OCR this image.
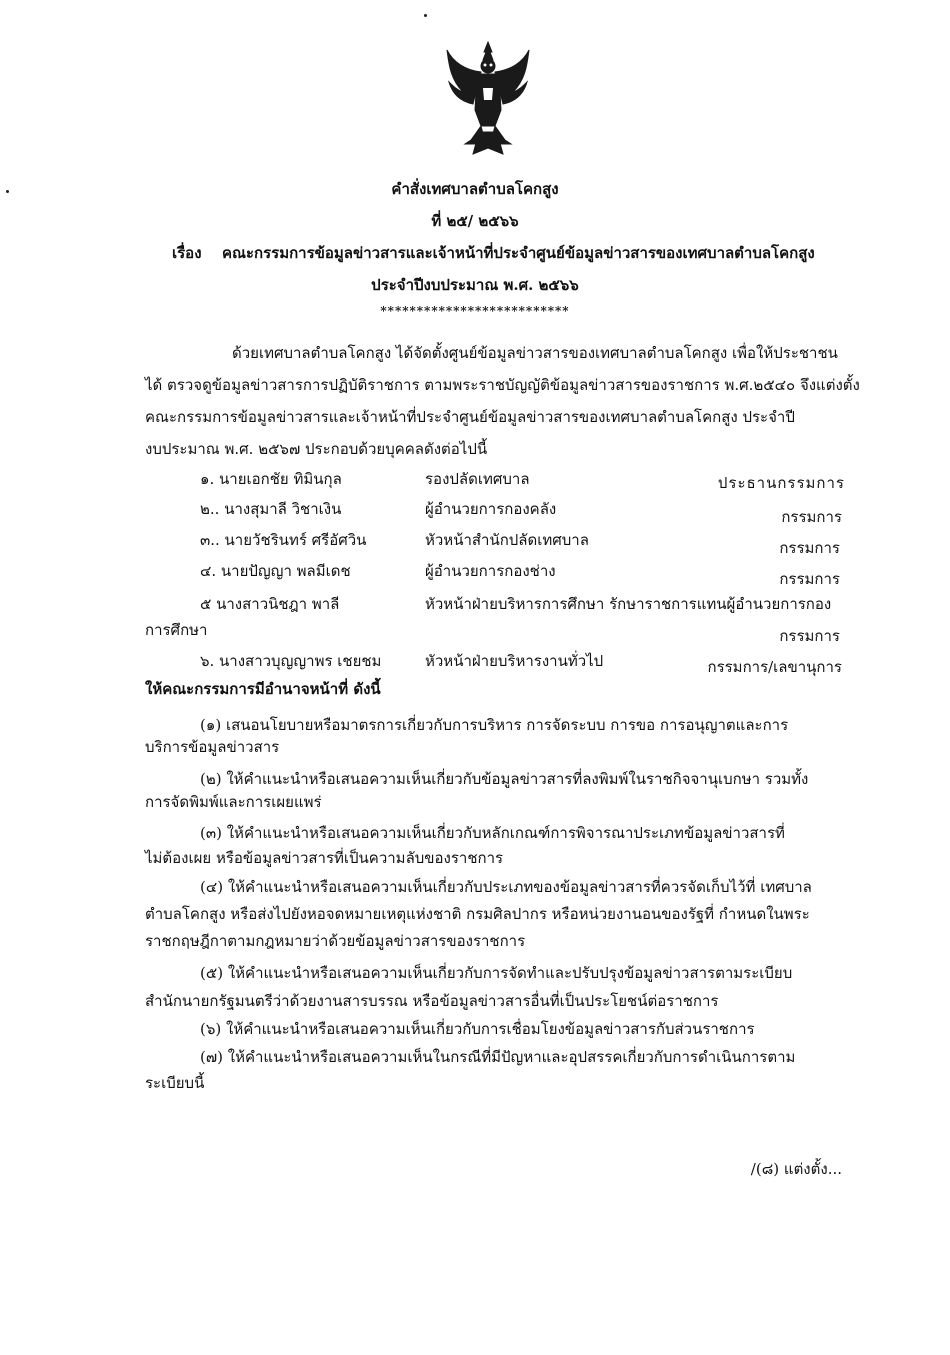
คำสั่งเทศบาลตำบลโคกสูง
ที่ ๒๕/ ๒๕๖๖
เรื่อง คณะกรรมการข้อมูลข่าวสารและเจ้าหน้าที่ประจำศูนย์ข้อมูลข่าวสารของเทศบาลตำบลโคกสูง
ประจำปีงบประมาณ พ.ศ. ๒๕๖๖
**************************
ด้วยเทศบาลตำบลโคกสูง ได้จัดตั้งศูนย์ข้อมูลข่าวสารของเทศบาลตำบลโคกสูง เพื่อให้ประชาชน
ได้ ตรวจดูข้อมูลข่าวสารการปฏิบัติราชการ ตามพระราชบัญญัติข้อมูลข่าวสารของราชการ พ.ศ.๒๕๔๐ จึงแต่งตั้ง
คณะกรรมการข้อมูลข่าวสารและเจ้าหน้าที่ประจำศูนย์ข้อมูลข่าวสารของเทศบาลตำบลโคกสูง ประจำปี
งบประมาณ พ.ศ. ๒๕๖๗ ประกอบด้วยบุคคลดังต่อไปนี้
๑. นายเอกชัย ทิมินกุล	รองปลัดเทศบาล	ประธานกรรมการ
๒.. นางสุมาลี วิชาเงิน	ผู้อำนวยการกองคลัง	กรรมการ
๓.. นายวัชรินทร์ ศรีอัศวิน	หัวหน้าสำนักปลัดเทศบาล	กรรมการ
๔. นายปัญญา พลมีเดช	ผู้อำนวยการกองช่าง	กรรมการ
๕ นางสาวนิชฎา พาลี	หัวหน้าฝ่ายบริหารการศึกษา รักษาราชการแทนผู้อำนวยการกอง
การศึกษา	กรรมการ
๖. นางสาวบุญญาพร เชยชม	หัวหน้าฝ่ายบริหารงานทั่วไป	กรรมการ/เลขานุการ
ให้คณะกรรมการมีอำนาจหน้าที่ ดังนี้
(๑) เสนอนโยบายหรือมาตรการเกี่ยวกับการบริหาร การจัดระบบ การขอ การอนุญาตและการ
บริการข้อมูลข่าวสาร
(๒) ให้คำแนะนำหรือเสนอความเห็นเกี่ยวกับข้อมูลข่าวสารที่ลงพิมพ์ในราชกิจจานุเบกษา รวมทั้ง
การจัดพิมพ์และการเผยแพร่
(๓) ให้คำแนะนำหรือเสนอความเห็นเกี่ยวกับหลักเกณฑ์การพิจารณาประเภทข้อมูลข่าวสารที่
ไม่ต้องเผย หรือข้อมูลข่าวสารที่เป็นความลับของราชการ
(๔) ให้คำแนะนำหรือเสนอความเห็นเกี่ยวกับประเภทของข้อมูลข่าวสารที่ควรจัดเก็บไว้ที่ เทศบาล
ตำบลโคกสูง หรือส่งไปยังหอจดหมายเหตุแห่งชาติ กรมศิลปากร หรือหน่วยงานอนของรัฐที่ กำหนดในพระ
ราชกฤษฎีกาตามกฎหมายว่าด้วยข้อมูลข่าวสารของราชการ
(๕) ให้คำแนะนำหรือเสนอความเห็นเกี่ยวกับการจัดทำและปรับปรุงข้อมูลข่าวสารตามระเบียบ
สำนักนายกรัฐมนตรีว่าด้วยงานสารบรรณ หรือข้อมูลข่าวสารอื่นที่เป็นประโยชน์ต่อราชการ
(๖) ให้คำแนะนำหรือเสนอความเห็นเกี่ยวกับการเชื่อมโยงข้อมูลข่าวสารกับส่วนราชการ
(๗) ให้คำแนะนำหรือเสนอความเห็นในกรณีที่มีปัญหาและอุปสรรคเกี่ยวกับการดำเนินการตาม
ระเบียบนี้
/(๘) แต่งตั้ง...
